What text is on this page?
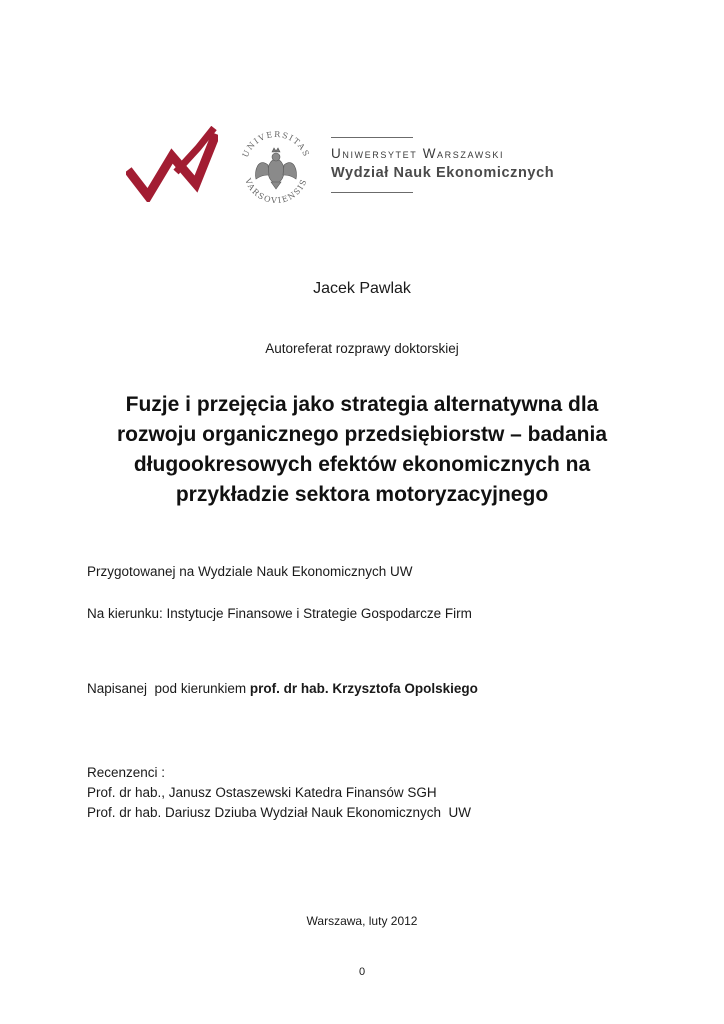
UNIVERSITAS
VARSOVIENSIS
Uniwersytet Warszawski
Wydział Nauk Ekonomicznych
Jacek Pawlak
Autoreferat rozprawy doktorskiej
Fuzje i przejęcia jako strategia alternatywna dla
rozwoju organicznego przedsiębiorstw – badania
długookresowych efektów ekonomicznych na
przykładzie sektora motoryzacyjnego
Przygotowanej na Wydziale Nauk Ekonomicznych UW
Na kierunku: Instytucje Finansowe i Strategie Gospodarcze Firm
Napisanej  pod kierunkiem prof. dr hab. Krzysztofa Opolskiego
Recenzenci :
Prof. dr hab., Janusz Ostaszewski Katedra Finansów SGH
Prof. dr hab. Dariusz Dziuba Wydział Nauk Ekonomicznych  UW
Warszawa, luty 2012
0
